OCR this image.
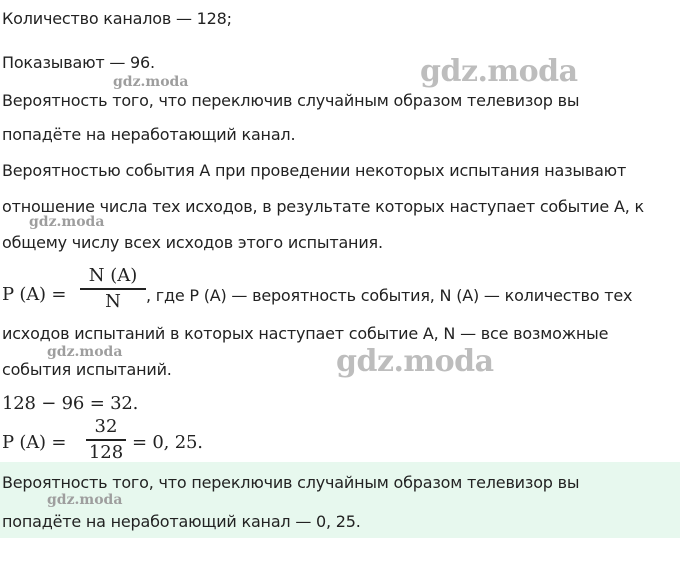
Количество каналов — 128;
Показывают — 96.
Вероятность того, что переключив случайным образом телевизор вы
попадёте на неработающий канал.
Вероятностью события A при проведении некоторых испытания называют
отношение числа тех исходов, в результате которых наступает событие A, к
общему числу всех исходов этого испытания.
P (A) =
N (A)
N	, где P (A) — вероятность события, N (A) — количество тех
исходов испытаний в которых наступает событие A, N — все возможные
события испытаний.
128 − 96 = 32.
P (A) =
32
128 = 0, 25.
Вероятность того, что переключив случайным образом телевизор вы
попадёте на неработающий канал — 0, 25.
gdz.moda
gdz.moda
gdz.moda
gdz.moda
gdz.moda
gdz.moda
